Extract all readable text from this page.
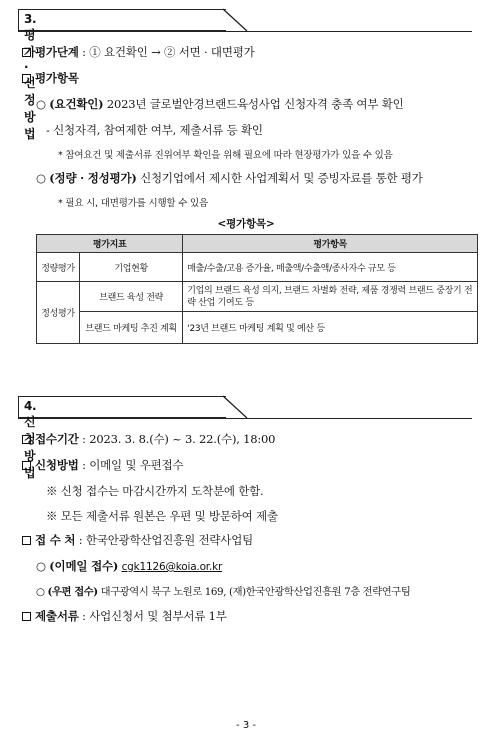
3. 평가 · 선정방법
평가단계 : ① 요건확인 → ② 서면 · 대면평가
평가항목
○ (요건확인) 2023년 글로벌안경브랜드육성사업 신청자격 충족 여부 확인
- 신청자격, 참여제한 여부, 제출서류 등 확인
* 참여요건 및 제출서류 진위여부 확인을 위해 필요에 따라 현장평가가 있을 수 있음
○ (정량 · 정성평가) 신청기업에서 제시한 사업계획서 및 증빙자료를 통한 평가
* 필요 시, 대면평가를 시행할 수 있음
<평가항목>
평가지표		평가항목
정량평가	기업현황	매출/수출/고용 증가율, 매출액/수출액/종사자수 규모 등
정성평가	브랜드 육성 전략	기업의 브랜드 육성 의지, 브랜드 차별화 전략, 제품 경쟁력 브랜드 중장기 전략 산업 기여도 등
	브랜드 마케팅 추진 계획	'23년 브랜드 마케팅 계획 및 예산 등
4. 신청방법
접수기간 : 2023. 3. 8.(수) ~ 3. 22.(수), 18:00
신청방법 : 이메일 및 우편접수
※ 신청 접수는 마감시간까지 도착분에 한함.
※ 모든 제출서류 원본은 우편 및 방문하여 제출
접 수 처 : 한국안광학산업진흥원 전략사업팀
○ (이메일 접수) cgk1126@koia.or.kr
○ (우편 접수) 대구광역시 북구 노원로 169, (재)한국안광학산업진흥원 7층 전략연구팀
제출서류 : 사업신청서 및 첨부서류 1부
- 3 -
